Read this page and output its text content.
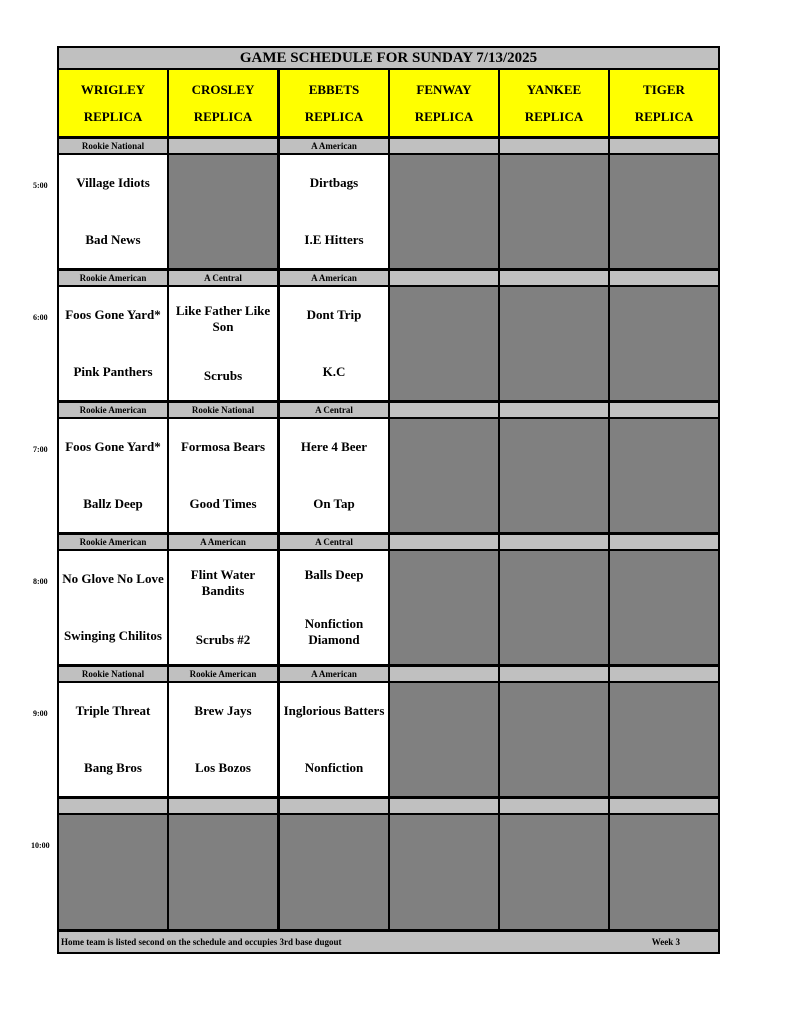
GAME SCHEDULE FOR SUNDAY 7/13/2025
WRIGLEY
REPLICA
CROSLEY
REPLICA
EBBETS
REPLICA
FENWAY
REPLICA
YANKEE
REPLICA
TIGER
REPLICA
5:00
Rookie National
Village Idiots
Bad News
A American
Dirtbags
I.E Hitters
6:00
Rookie American
Foos Gone Yard*
Pink Panthers
A Central
Like Father Like Son
Scrubs
A American
Dont Trip
K.C
7:00
Rookie American
Foos Gone Yard*
Ballz Deep
Rookie National
Formosa Bears
Good Times
A Central
Here 4 Beer
On Tap
8:00
Rookie American
No Glove No Love
Swinging Chilitos
A American
Flint Water Bandits
Scrubs #2
A Central
Balls Deep
Nonfiction Diamond
9:00
Rookie National
Triple Threat
Bang Bros
Rookie American
Brew Jays
Los Bozos
A American
Inglorious Batters
Nonfiction
10:00
Home team is listed second on the schedule and occupies 3rd base dugout	Week 3
